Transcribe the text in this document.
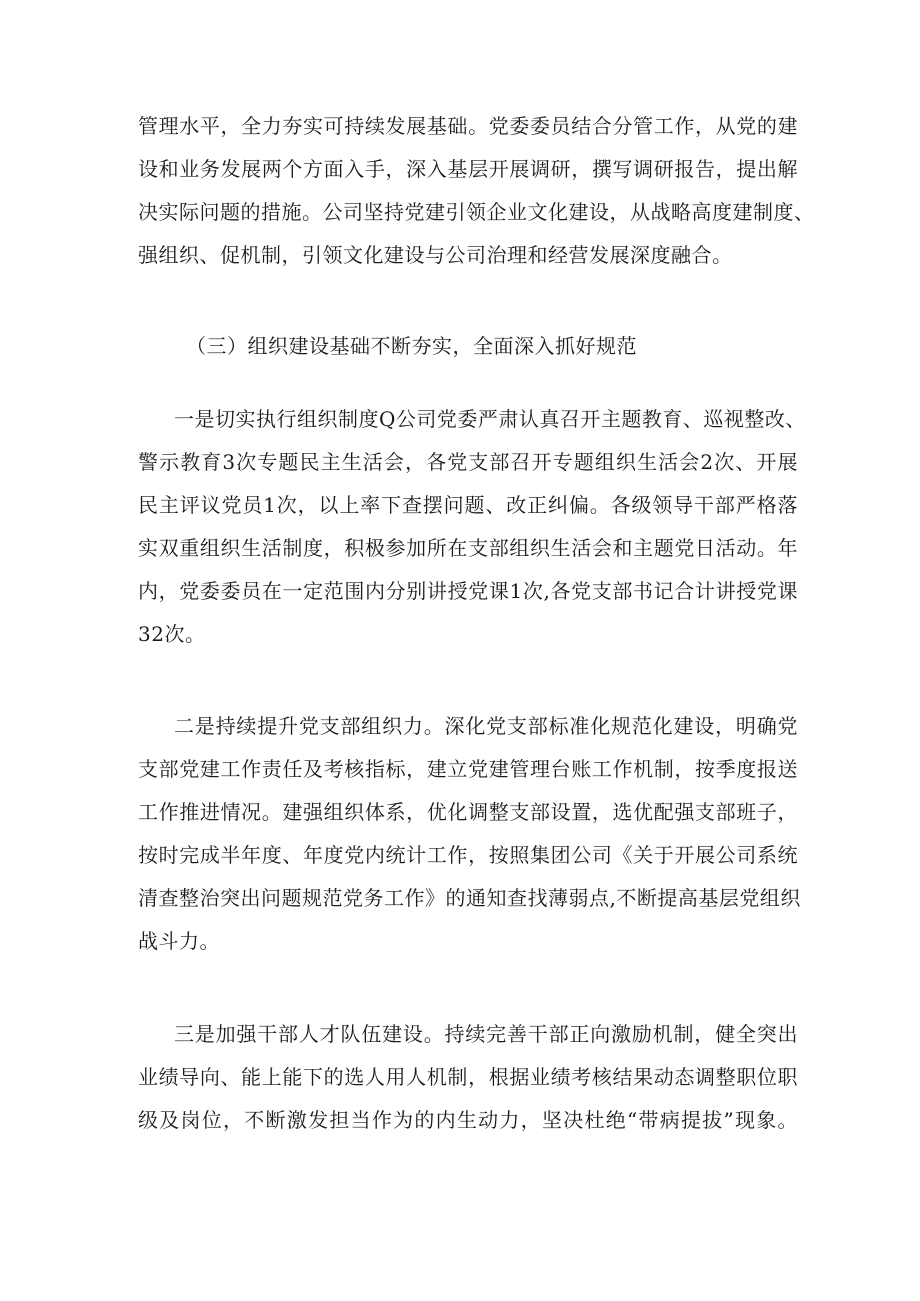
管理水平，全力夯实可持续发展基础。党委委员结合分管工作，从党的建
设和业务发展两个方面入手，深入基层开展调研，撰写调研报告，提出解
决实际问题的措施。公司坚持党建引领企业文化建设，从战略高度建制度、
强组织、促机制，引领文化建设与公司治理和经营发展深度融合。
（三）组织建设基础不断夯实，全面深入抓好规范
一是切实执行组织制度Q公司党委严肃认真召开主题教育、巡视整改、
警示教育3次专题民主生活会，各党支部召开专题组织生活会2次、开展
民主评议党员1次，以上率下查摆问题、改正纠偏。各级领导干部严格落
实双重组织生活制度，积极参加所在支部组织生活会和主题党日活动。年
内，党委委员在一定范围内分别讲授党课1次,各党支部书记合计讲授党课
32次。
二是持续提升党支部组织力。深化党支部标准化规范化建设，明确党
支部党建工作责任及考核指标，建立党建管理台账工作机制，按季度报送
工作推进情况。建强组织体系，优化调整支部设置，选优配强支部班子，
按时完成半年度、年度党内统计工作，按照集团公司《关于开展公司系统
清查整治突出问题规范党务工作》的通知查找薄弱点,不断提高基层党组织
战斗力。
三是加强干部人才队伍建设。持续完善干部正向激励机制，健全突出
业绩导向、能上能下的选人用人机制，根据业绩考核结果动态调整职位职
级及岗位，不断激发担当作为的内生动力，坚决杜绝“带病提拔”现象。
